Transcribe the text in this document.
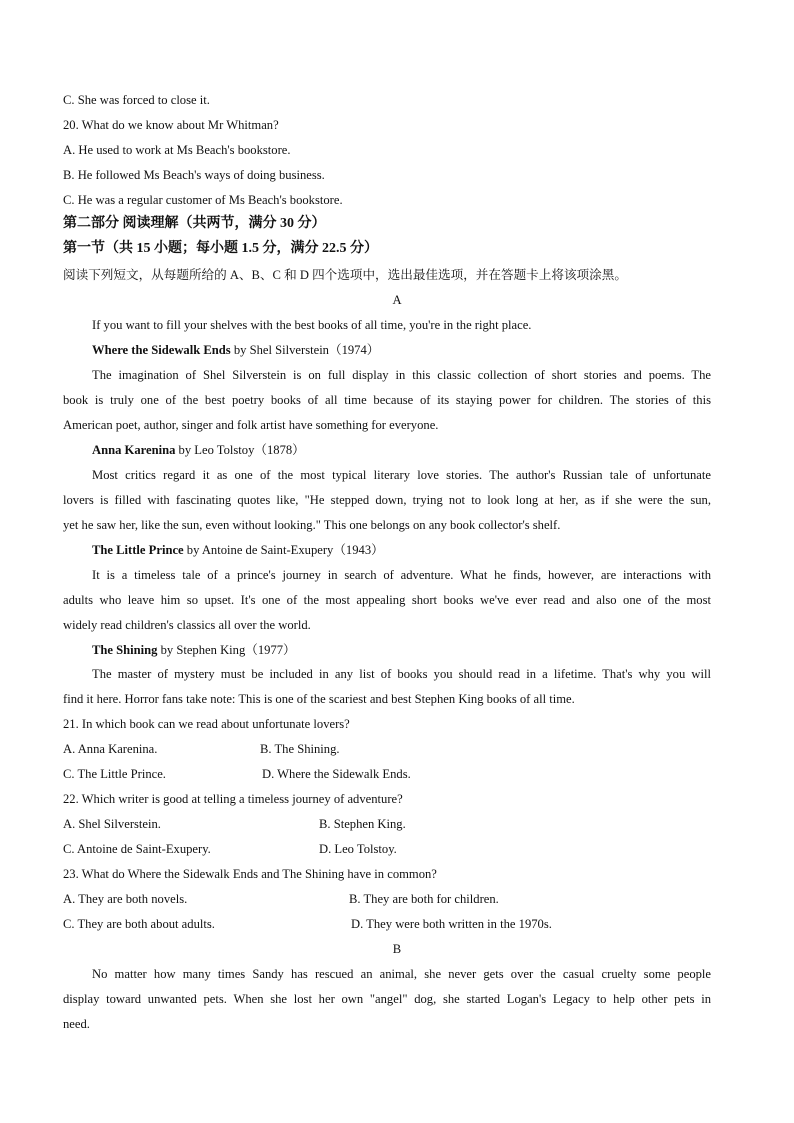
C. She was forced to close it.
20. What do we know about Mr Whitman?
A. He used to work at Ms Beach's bookstore.
B. He followed Ms Beach's ways of doing business.
C. He was a regular customer of Ms Beach's bookstore.
第二部分 阅读理解（共两节，满分 30 分）
第一节（共 15 小题；每小题 1.5 分，满分 22.5 分）
阅读下列短文，从每题所给的 A、B、C 和 D 四个选项中，选出最佳选项，并在答题卡上将该项涂黑。
A
If you want to fill your shelves with the best books of all time, you're in the right place.
Where the Sidewalk Ends by Shel Silverstein（1974）
The imagination of Shel Silverstein is on full display in this classic collection of short stories and poems. The
book is truly one of the best poetry books of all time because of its staying power for children. The stories of this
American poet, author, singer and folk artist have something for everyone.
Anna Karenina by Leo Tolstoy（1878）
Most critics regard it as one of the most typical literary love stories. The author's Russian tale of unfortunate
lovers is filled with fascinating quotes like, "He stepped down, trying not to look long at her, as if she were the sun,
yet he saw her, like the sun, even without looking." This one belongs on any book collector's shelf.
The Little Prince by Antoine de Saint-Exupery（1943）
It is a timeless tale of a prince's journey in search of adventure. What he finds, however, are interactions with
adults who leave him so upset. It's one of the most appealing short books we've ever read and also one of the most
widely read children's classics all over the world.
The Shining by Stephen King（1977）
The master of mystery must be included in any list of books you should read in a lifetime. That's why you will
find it here. Horror fans take note: This is one of the scariest and best Stephen King books of all time.
21. In which book can we read about unfortunate lovers?
A. Anna Karenina.	B. The Shining.
C. The Little Prince.	D. Where the Sidewalk Ends.
22. Which writer is good at telling a timeless journey of adventure?
A. Shel Silverstein.	B. Stephen King.
C. Antoine de Saint-Exupery.	D. Leo Tolstoy.
23. What do Where the Sidewalk Ends and The Shining have in common?
A. They are both novels.	B. They are both for children.
C. They are both about adults.	D. They were both written in the 1970s.
B
No matter how many times Sandy has rescued an animal, she never gets over the casual cruelty some people
display toward unwanted pets. When she lost her own "angel" dog, she started Logan's Legacy to help other pets in
need.
